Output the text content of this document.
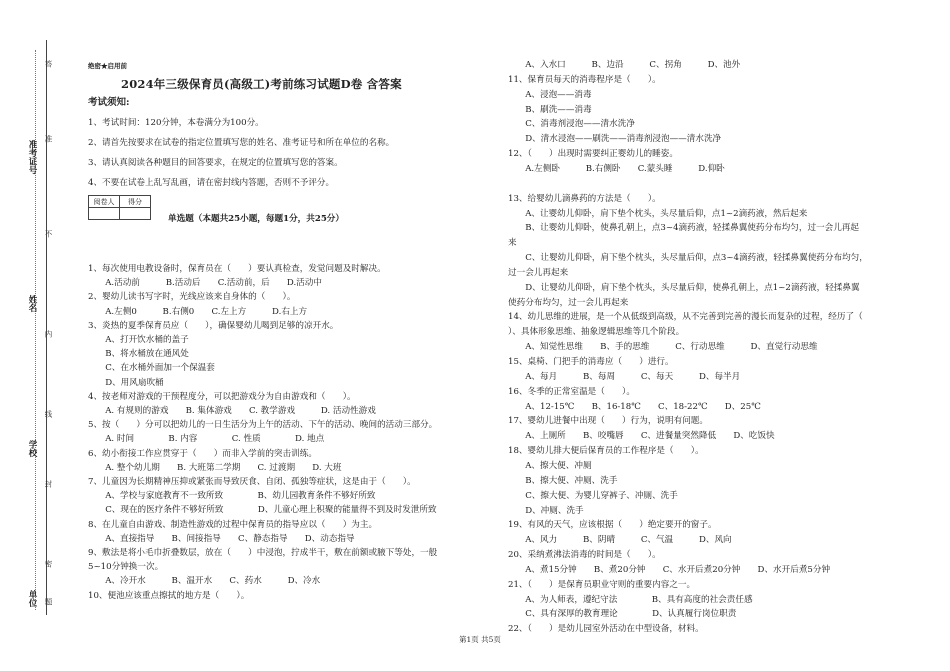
准考证号
姓名
学校
单位
答
准
不
内
线
封
密
题
绝密★启用前
2024年三级保育员(高级工)考前练习试题D卷 含答案
考试须知:
1、考试时间：120分钟，本卷满分为100分。
2、请首先按要求在试卷的指定位置填写您的姓名、准考证号和所在单位的名称。
3、请认真阅读各种题目的回答要求，在规定的位置填写您的答案。
4、不要在试卷上乱写乱画，请在密封线内答题，否则不予评分。
阅卷人	得分

单选题（本题共25小题，每题1分，共25分）
1、每次使用电教设备时，保育员在（　　）要认真检查，发觉问题及时解决。
　　A.活动前　　　B.活动后　　C.活动前，后　　D.活动中
2、婴幼儿读书写字时，光线应该来自身体的（　　）。
　　A.左侧0　　　B.右侧0　　C.左上方　　　D.右上方
3、炎热的夏季保育员应（　　），确保婴幼儿喝到足够的凉开水。
　　A、打开饮水桶的盖子
　　B、将水桶放在通风处
　　C、在水桶外面加一个保温套
　　D、用风扇吹桶
4、按老师对游戏的干预程度分，可以把游戏分为自由游戏和（　　）。
　　A. 有规则的游戏　　B. 集体游戏　　C. 教学游戏　　　D. 活动性游戏
5、按（　　）分可以把幼儿的一日生活分为上午的活动、下午的活动、晚间的活动三部分。
　　A. 时间　　　　B. 内容　　　　C. 性质　　　　D. 地点
6、幼小衔接工作应贯穿于（　　）而非入学前的突击训练。
　　A. 整个幼儿期　　B. 大班第二学期　　C. 过渡期　　D. 大班
7、儿童因为长期精神压抑或紧张而导致厌食、自闭、孤独等症状，这是由于（　　）。
　　A、学校与家庭教育不一致所致　　　　B、幼儿园教育条件不够好所致
　　C、现在的医疗条件不够好所致　　　　D、儿童心理上积聚的能量得不到及时发泄所致
8、在儿童自由游戏、制造性游戏的过程中保育员的指导应以（　　）为主。
　　A、直接指导　　B、间接指导　　C、静态指导　　D、动态指导
9、敷法是将小毛巾折叠数层，放在（　　）中浸泡，拧成半干，敷在前额或腋下等处，一般
5~10分钟换一次。
　　A、冷开水　　　B、温开水　　C、药水　　　D、冷水
10、便池应该重点擦拭的地方是（　　）。
　　A、入水口　　　B、边沿　　　C、拐角　　　D、池外
11、保育员每天的消毒程序是（　　）。
　　A、浸泡——消毒
　　B、刷洗——消毒
　　C、消毒剂浸泡——清水洗净
　　D、清水浸泡——刷洗——消毒剂浸泡——清水洗净
12、（　　）出现时需要纠正婴幼儿的睡姿。
　　A.左侧卧　　　B.右侧卧　　C.蒙头睡　　　D.仰卧
13、给婴幼儿滴鼻药的方法是（　　）。
　　A、让婴幼儿仰卧，肩下垫个枕头，头尽量后仰，点1~2滴药液，然后起来
　　B、让婴幼儿仰卧，使鼻孔朝上，点3~4滴药液，轻揉鼻翼使药分布均匀，过一会儿再起
来
　　C、让婴幼儿仰卧，肩下垫个枕头，头尽量后仰，点3~4滴药液，轻揉鼻翼使药分布均匀，
过一会儿再起来
　　D、让婴幼儿仰卧，肩下垫个枕头，头尽量后仰，使鼻孔朝上，点1~2滴药液，轻揉鼻翼
使药分布均匀，过一会儿再起来
14、幼儿思维的进展，是一个从低级到高级，从不完善到完善的漫长而复杂的过程，经历了（
）、具体形象思维、抽象逻辑思维等几个阶段。
　　A、知觉性思维　　B、手的思维　　　C、行动思维　　　D、直觉行动思维
15、桌椅、门把手的消毒应（　　）进行。
　　A、每月　　　B、每周　　　C、每天　　　D、每半月
16、冬季的正常室温是（　　）。
　　A、12-15℃　　B、16-18℃　　C、18-22℃　　D、25℃
17、婴幼儿进餐中出现（　　）行为，说明有问题。
　　A、上厕所　　B、咬嘴唇　　C、进餐量突然降低　　D、吃饭快
18、婴幼儿排大便后保育员的工作程序是（　　）。
　　A、擦大便、冲厕
　　B、擦大便、冲厕、洗手
　　C、擦大便、为婴儿穿裤子、冲厕、洗手
　　D、冲厕、洗手
19、有风的天气，应该根据（　　）绝定要开的窗子。
　　A、风力　　　B、阴晴　　　C、气温　　　D、风向
20、采纳煮沸法消毒的时间是（　　）。
　　A、煮15分钟　　B、煮20分钟　　C、水开后煮20分钟　　D、水开后煮5分钟
21、（　　）是保育员职业守则的重要内容之一。
　　A、为人师表，遵纪守法　　　　B、具有高度的社会责任感
　　C、具有深厚的教育理论　　　　D、认真履行岗位职责
22、（　　）是幼儿园室外活动在中型设备，材料。
第1页 共5页
